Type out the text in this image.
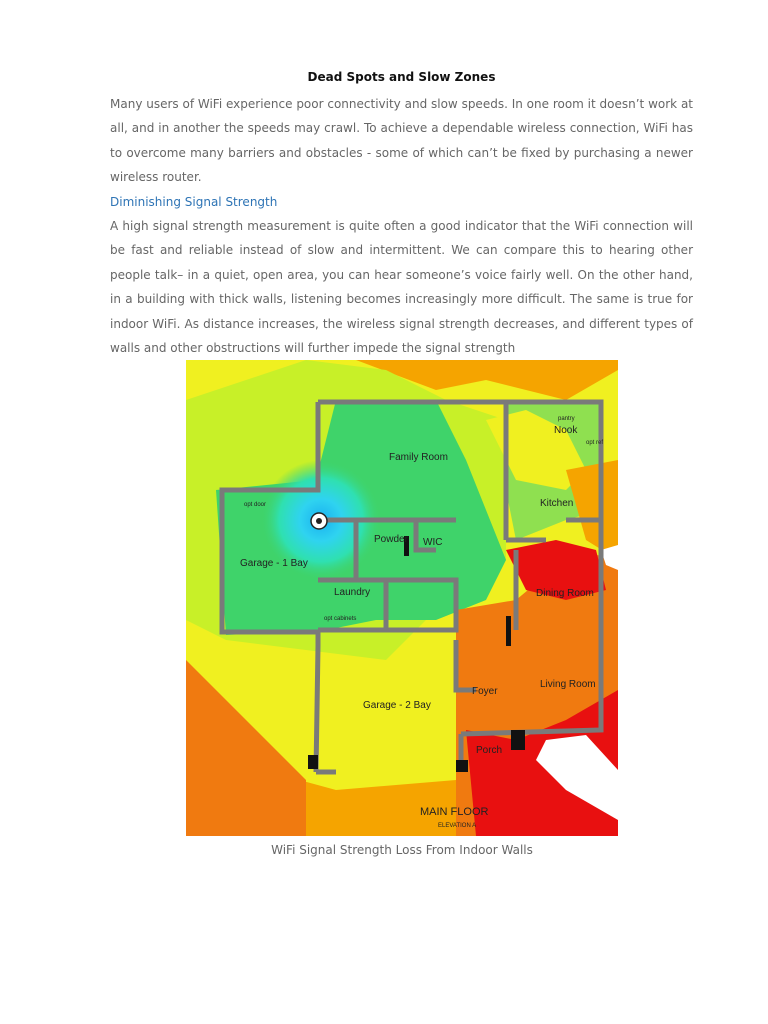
Dead Spots and Slow Zones

Many users of WiFi experience poor connectivity and slow speeds. In one room it doesn’t work at all, and in another the speeds may crawl. To achieve a dependable wireless connection, WiFi has to overcome many barriers and obstacles - some of which can’t be fixed by purchasing a newer wireless router.

Diminishing Signal Strength

A high signal strength measurement is quite often a good indicator that the WiFi connection will be fast and reliable instead of slow and intermittent. We can compare this to hearing other people talk– in a quiet, open area, you can hear someone’s voice fairly well. On the other hand, in a building with thick walls, listening becomes increasingly more difficult. The same is true for indoor WiFi. As distance increases, the wireless signal strength decreases, and different types of walls and other obstructions will further impede the signal strength

Nook
pantry
opt ref
Family Room
Kitchen
opt door
Powder WIC
Garage - 1 Bay
Laundry
opt cabinets
Dining Room
Garage - 2 Bay
Foyer
Living Room
Porch
MAIN FLOOR
ELEVATION A
WiFi Signal Strength Loss From Indoor Walls
